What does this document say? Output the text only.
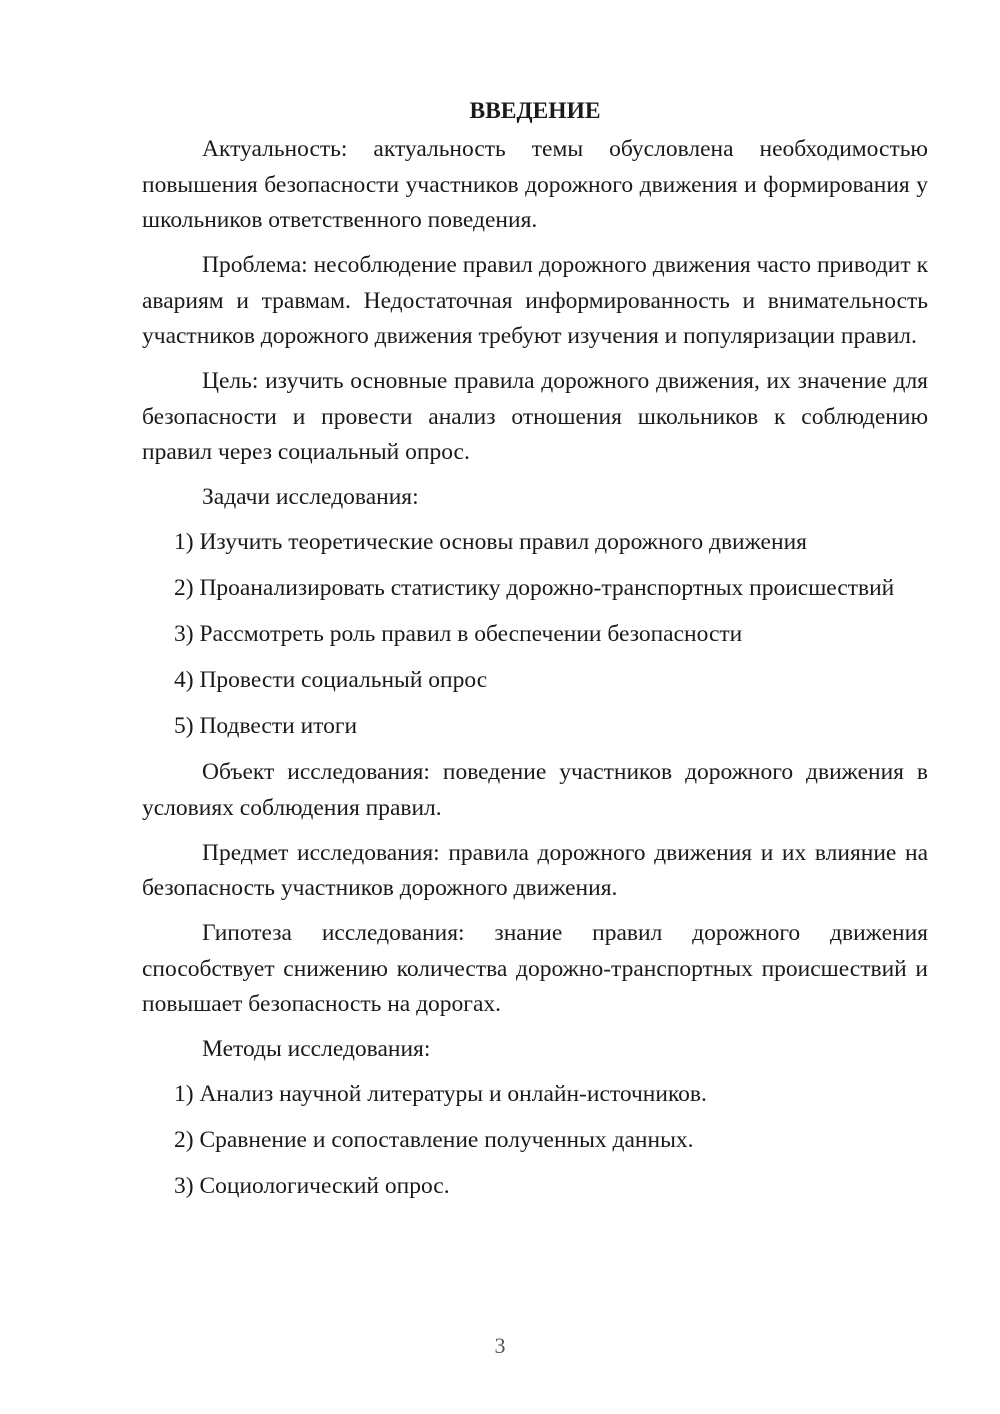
ВВЕДЕНИЕ

Актуальность: актуальность темы обусловлена необходимостью повышения безопасности участников дорожного движения и формирования у школьников ответственного поведения.

Проблема: несоблюдение правил дорожного движения часто приводит к авариям и травмам. Недостаточная информированность и внимательность участников дорожного движения требуют изучения и популяризации правил.

Цель: изучить основные правила дорожного движения, их значение для безопасности и провести анализ отношения школьников к соблюдению правил через социальный опрос.

Задачи исследования:

1) Изучить теоретические основы правил дорожного движения

2) Проанализировать статистику дорожно-транспортных происшествий

3) Рассмотреть роль правил в обеспечении безопасности

4) Провести социальный опрос

5) Подвести итоги

Объект исследования: поведение участников дорожного движения в условиях соблюдения правил.

Предмет исследования: правила дорожного движения и их влияние на безопасность участников дорожного движения.

Гипотеза исследования: знание правил дорожного движения способствует снижению количества дорожно-транспортных происшествий и повышает безопасность на дорогах.

Методы исследования:

1) Анализ научной литературы и онлайн-источников.

2) Сравнение и сопоставление полученных данных.

3) Социологический опрос.

3
